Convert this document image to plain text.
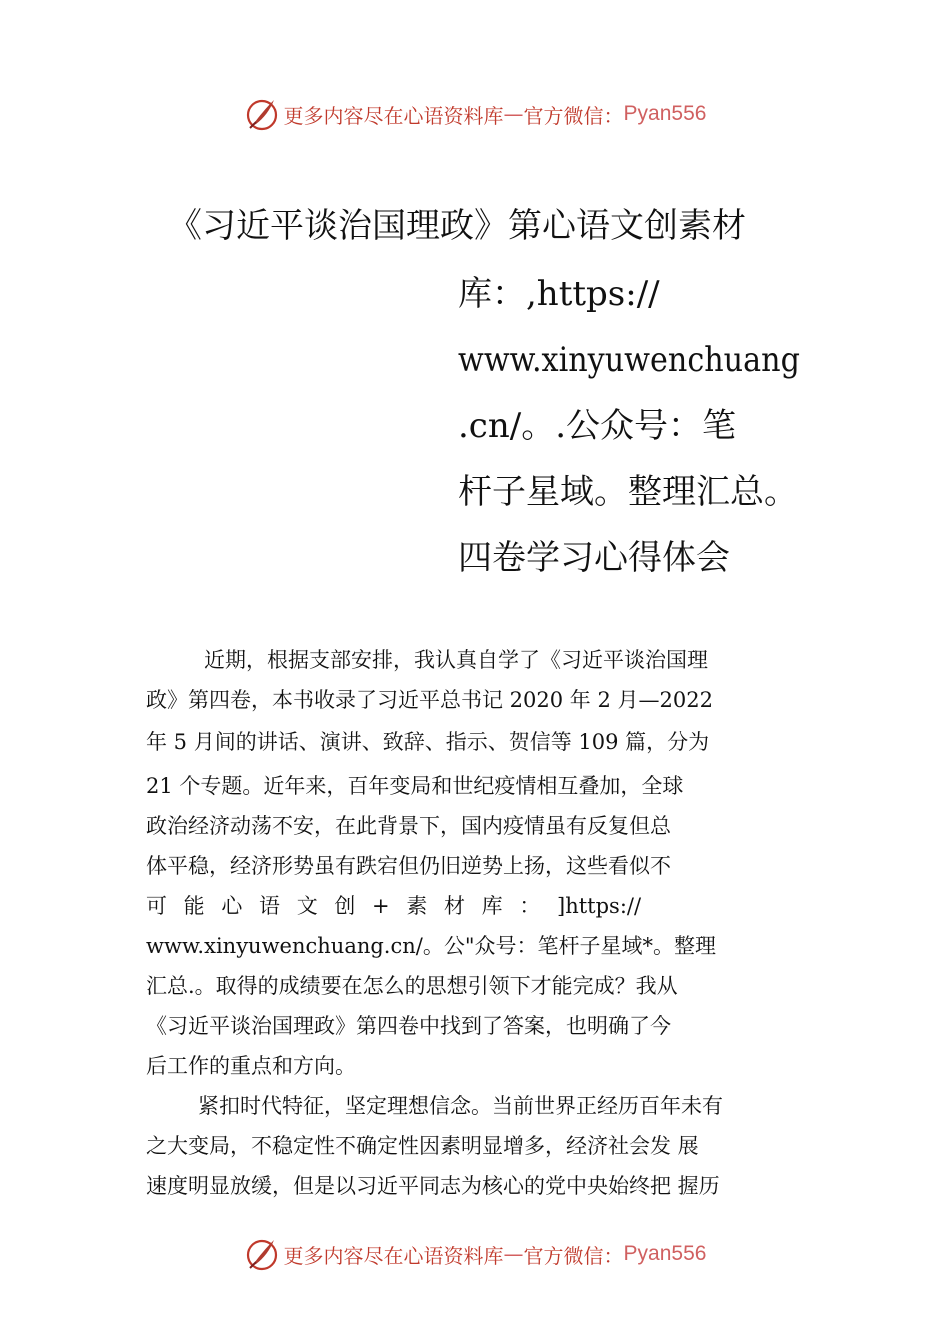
更多内容尽在心语资料库 — 官方微信： Pyan556
《习近平谈治国理政》第心语文创素材
库：,https://
www.xinyuwenchuang
.cn/。.公众号：笔
杆子星域。整理汇总。
四卷学习心得体会
近期，根据支部安排，我认真自学了《习近平谈治国理
政》第四卷，本书收录了习近平总书记 2020 年 2 月—2022
年 5 月间的讲话、演讲、致辞、指示、贺信等 109 篇，分为
21 个专题。近年来，百年变局和世纪疫情相互叠加，全球
政治经济动荡不安，在此背景下，国内疫情虽有反复但总
体平稳，经济形势虽有跌宕但仍旧逆势上扬，这些看似不
可 能 心 语 文 创 + 素 材 库 ： ]https://
www.xinyuwenchuang.cn/。公"众号：笔杆子星域*。整理
汇总.。取得的成绩要在怎么的思想引领下才能完成？我从
《习近平谈治国理政》第四卷中找到了答案，也明确了今
后工作的重点和方向。
紧扣时代特征，坚定理想信念。当前世界正经历百年未有
之大变局，不稳定性不确定性因素明显增多，经济社会发 展
速度明显放缓，但是以习近平同志为核心的党中央始终把 握历
更多内容尽在心语资料库 — 官方微信： Pyan556
